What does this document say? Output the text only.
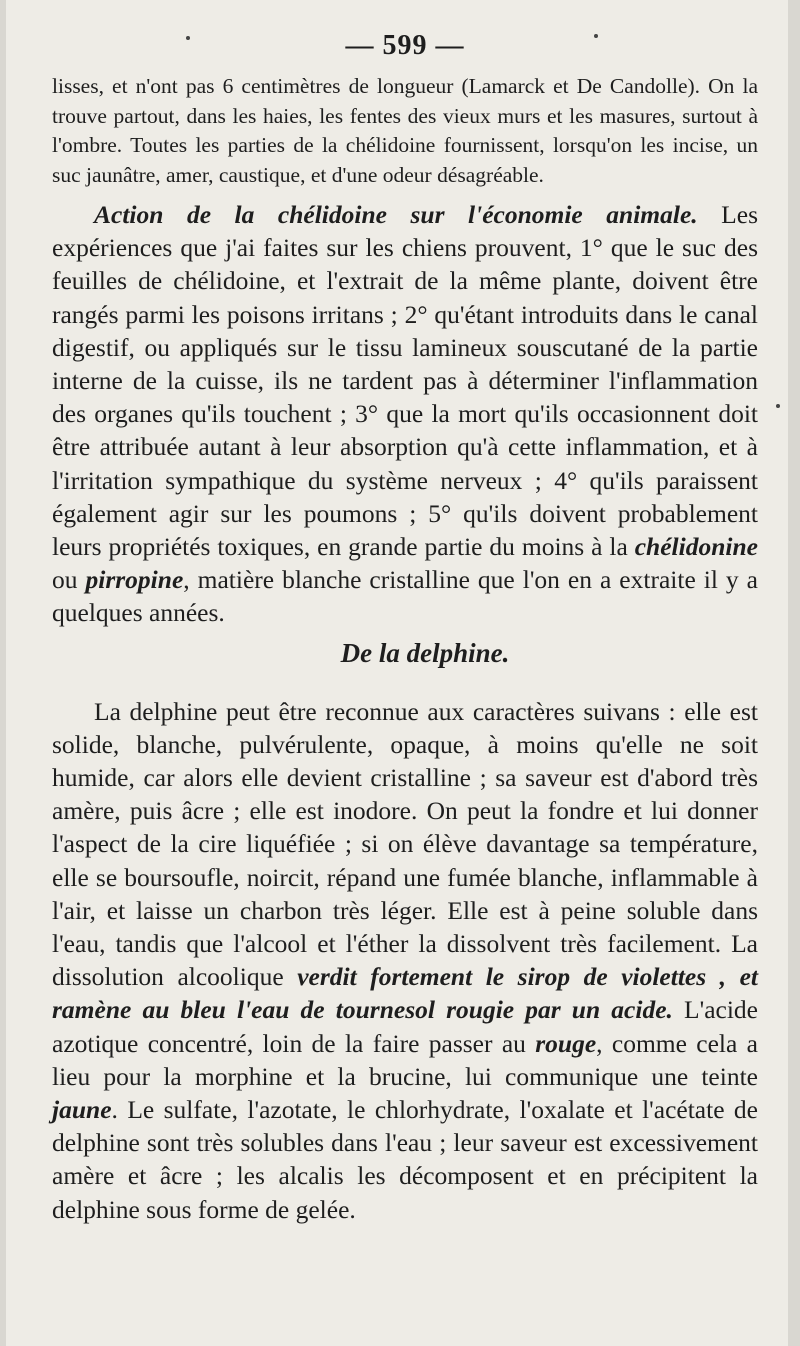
— 599 —

lisses, et n'ont pas 6 centimètres de longueur (Lamarck et De Candolle). On la trouve partout, dans les haies, les fentes des vieux murs et les masures, surtout à l'ombre. Toutes les parties de la chélidoine fournissent, lorsqu'on les incise, un suc jaunâtre, amer, caustique, et d'une odeur désagréable.

Action de la chélidoine sur l'économie animale. Les expériences que j'ai faites sur les chiens prouvent, 1° que le suc des feuilles de chélidoine, et l'extrait de la même plante, doivent être rangés parmi les poisons irritans ; 2° qu'étant introduits dans le canal digestif, ou appliqués sur le tissu lamineux souscutané de la partie interne de la cuisse, ils ne tardent pas à déterminer l'inflammation des organes qu'ils touchent ; 3° que la mort qu'ils occasionnent doit être attribuée autant à leur absorption qu'à cette inflammation, et à l'irritation sympathique du système nerveux ; 4° qu'ils paraissent également agir sur les poumons ; 5° qu'ils doivent probablement leurs propriétés toxiques, en grande partie du moins à la chélidonine ou pirropine, matière blanche cristalline que l'on en a extraite il y a quelques années.

De la delphine.

La delphine peut être reconnue aux caractères suivans : elle est solide, blanche, pulvérulente, opaque, à moins qu'elle ne soit humide, car alors elle devient cristalline ; sa saveur est d'abord très amère, puis âcre ; elle est inodore. On peut la fondre et lui donner l'aspect de la cire liquéfiée ; si on élève davantage sa température, elle se boursoufle, noircit, répand une fumée blanche, inflammable à l'air, et laisse un charbon très léger. Elle est à peine soluble dans l'eau, tandis que l'alcool et l'éther la dissolvent très facilement. La dissolution alcoolique verdit fortement le sirop de violettes , et ramène au bleu l'eau de tournesol rougie par un acide. L'acide azotique concentré, loin de la faire passer au rouge, comme cela a lieu pour la morphine et la brucine, lui communique une teinte jaune. Le sulfate, l'azotate, le chlorhydrate, l'oxalate et l'acétate de delphine sont très solubles dans l'eau ; leur saveur est excessivement amère et âcre ; les alcalis les décomposent et en précipitent la delphine sous forme de gelée.
